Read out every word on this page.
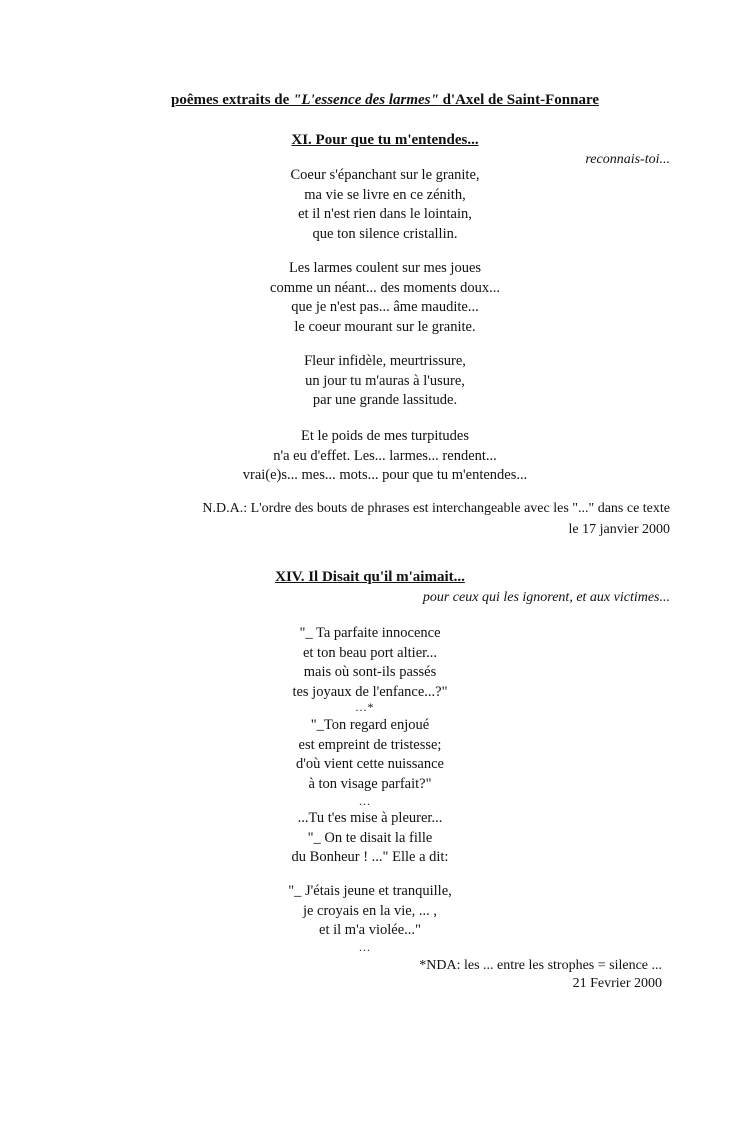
poêmes extraits de "L'essence des larmes" d'Axel de Saint-Fonnare
XI. Pour que tu m'entendes...
reconnais-toi...
Coeur s'épanchant sur le granite,
ma vie se livre en ce zénith,
et il n'est rien dans le lointain,
que ton silence cristallin.
Les larmes coulent sur mes joues
comme un néant... des moments doux...
que je n'est pas... âme maudite...
le coeur mourant sur le granite.
Fleur infidèle, meurtrissure,
un jour tu m'auras à l'usure,
par une grande lassitude.
Et le poids de mes turpitudes
n'a eu d'effet. Les... larmes... rendent...
vrai(e)s... mes... mots... pour que tu m'entendes...
N.D.A.: L'ordre des bouts de phrases est interchangeable avec les "..." dans ce texte
le 17 janvier 2000
XIV. Il Disait qu'il m'aimait...
pour ceux qui les ignorent, et aux victimes...
"_ Ta parfaite innocence
et ton beau port altier...
mais où sont-ils passés
tes joyaux de l'enfance...?"
...*
"_Ton regard enjoué
est empreint de tristesse;
d'où vient cette nuissance
à ton visage parfait?"
...
...Tu t'es mise à pleurer...
"_ On te disait la fille
du Bonheur ! ..." Elle a dit:
"_ J'étais jeune et tranquille,
je croyais en la vie, ... ,
et il m'a violée..."
...
*NDA: les ... entre les strophes = silence ...
21 Fevrier 2000
